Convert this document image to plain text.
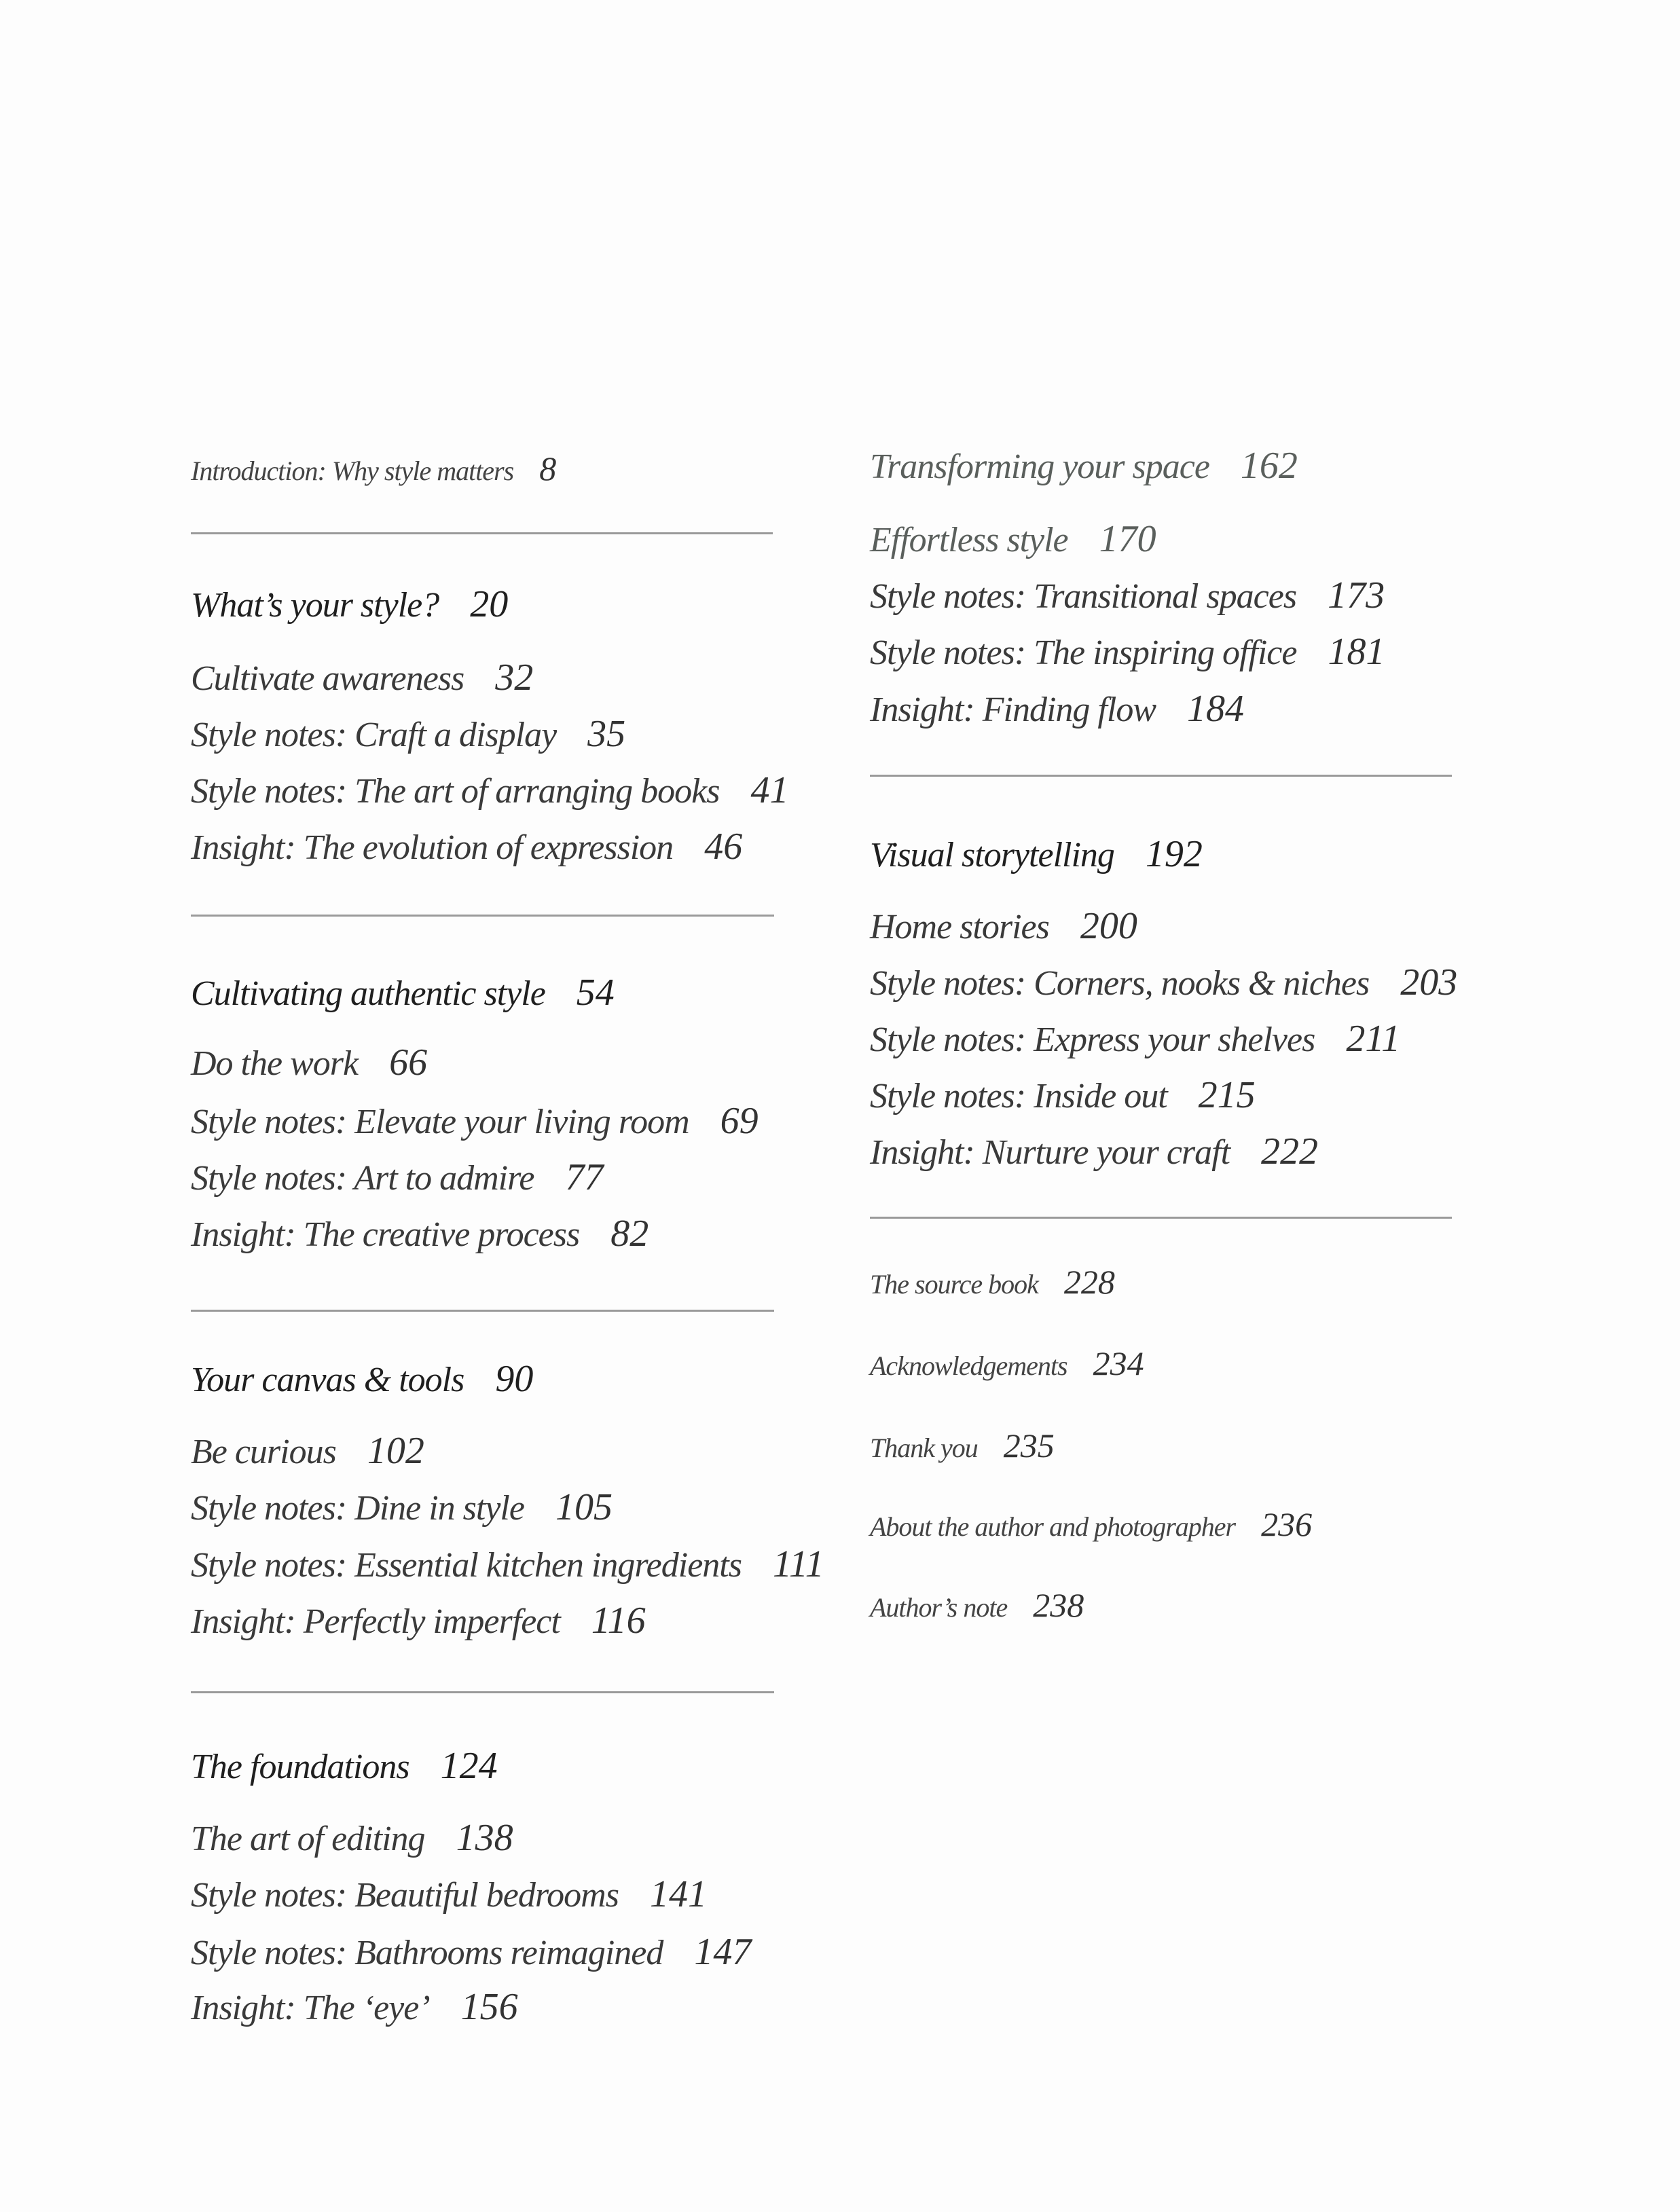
Introduction: Why style matters 8
What’s your style? 20
Cultivate awareness 32
Style notes: Craft a display 35
Style notes: The art of arranging books 41
Insight: The evolution of expression 46
Cultivating authentic style 54
Do the work 66
Style notes: Elevate your living room 69
Style notes: Art to admire 77
Insight: The creative process 82
Your canvas & tools 90
Be curious 102
Style notes: Dine in style 105
Style notes: Essential kitchen ingredients 111
Insight: Perfectly imperfect 116
The foundations 124
The art of editing 138
Style notes: Beautiful bedrooms 141
Style notes: Bathrooms reimagined 147
Insight: The ‘eye’ 156
Transforming your space 162
Effortless style 170
Style notes: Transitional spaces 173
Style notes: The inspiring office 181
Insight: Finding flow 184
Visual storytelling 192
Home stories 200
Style notes: Corners, nooks & niches 203
Style notes: Express your shelves 211
Style notes: Inside out 215
Insight: Nurture your craft 222
The source book 228
Acknowledgements 234
Thank you 235
About the author and photographer 236
Author’s note 238
